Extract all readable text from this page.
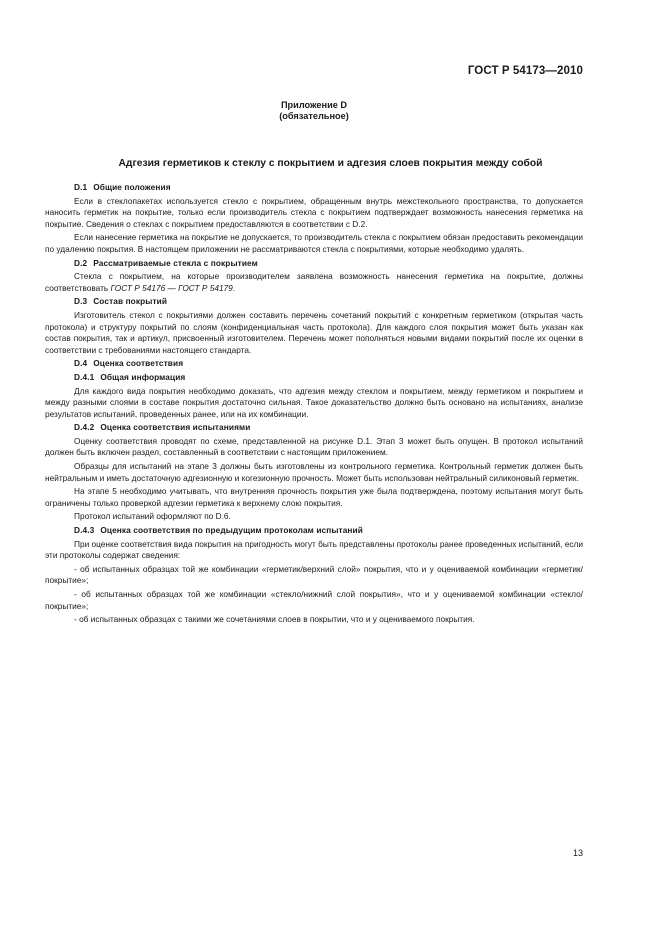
ГОСТ Р 54173—2010
Приложение D
(обязательное)
Адгезия герметиков к стеклу с покрытием и адгезия слоев покрытия между собой
D.1 Общие положения
Если в стеклопакетах используется стекло с покрытием, обращенным внутрь межстекольного пространства, то допускается наносить герметик на покрытие, только если производитель стекла с покрытием подтверждает возможность нанесения герметика на покрытие. Сведения о стеклах с покрытием предоставляются в соответствии с D.2.
Если нанесение герметика на покрытие не допускается, то производитель стекла с покрытием обязан предоставить рекомендации по удалению покрытия. В настоящем приложении не рассматриваются стекла с покрытиями, которые необходимо удалять.
D.2 Рассматриваемые стекла с покрытием
Стекла с покрытием, на которые производителем заявлена возможность нанесения герметика на покрытие, должны соответствовать ГОСТ Р 54176 — ГОСТ Р 54179.
D.3 Состав покрытий
Изготовитель стекол с покрытиями должен составить перечень сочетаний покрытий с конкретным герметиком (открытая часть протокола) и структуру покрытий по слоям (конфиденциальная часть протокола). Для каждого слоя покрытия может быть указан как состав покрытия, так и артикул, присвоенный изготовителем. Перечень может пополняться новыми видами покрытий после их оценки в соответствии с требованиями настоящего стандарта.
D.4 Оценка соответствия
D.4.1 Общая информация
Для каждого вида покрытия необходимо доказать, что адгезия между стеклом и покрытием, между герметиком и покрытием и между разными слоями в составе покрытия достаточно сильная. Такое доказательство должно быть основано на испытаниях, анализе результатов испытаний, проведенных ранее, или на их комбинации.
D.4.2 Оценка соответствия испытаниями
Оценку соответствия проводят по схеме, представленной на рисунке D.1. Этап 3 может быть опущен. В протокол испытаний должен быть включен раздел, составленный в соответствии с настоящим приложением.
Образцы для испытаний на этапе 3 должны быть изготовлены из контрольного герметика. Контрольный герметик должен быть нейтральным и иметь достаточную адгезионную и когезионную прочность. Может быть использован нейтральный силиконовый герметик.
На этапе 5 необходимо учитывать, что внутренняя прочность покрытия уже была подтверждена, поэтому испытания могут быть ограничены только проверкой адгезии герметика к верхнему слою покрытия.
Протокол испытаний оформляют по D.6.
D.4.3 Оценка соответствия по предыдущим протоколам испытаний
При оценке соответствия вида покрытия на пригодность могут быть представлены протоколы ранее проведенных испытаний, если эти протоколы содержат сведения:
- об испытанных образцах той же комбинации «герметик/верхний слой» покрытия, что и у оцениваемой комбинации «герметик/покрытие»;
- об испытанных образцах той же комбинации «стекло/нижний слой покрытия», что и у оцениваемой комбинации «стекло/покрытие»;
- об испытанных образцах с такими же сочетаниями слоев в покрытии, что и у оцениваемого покрытия.
13
